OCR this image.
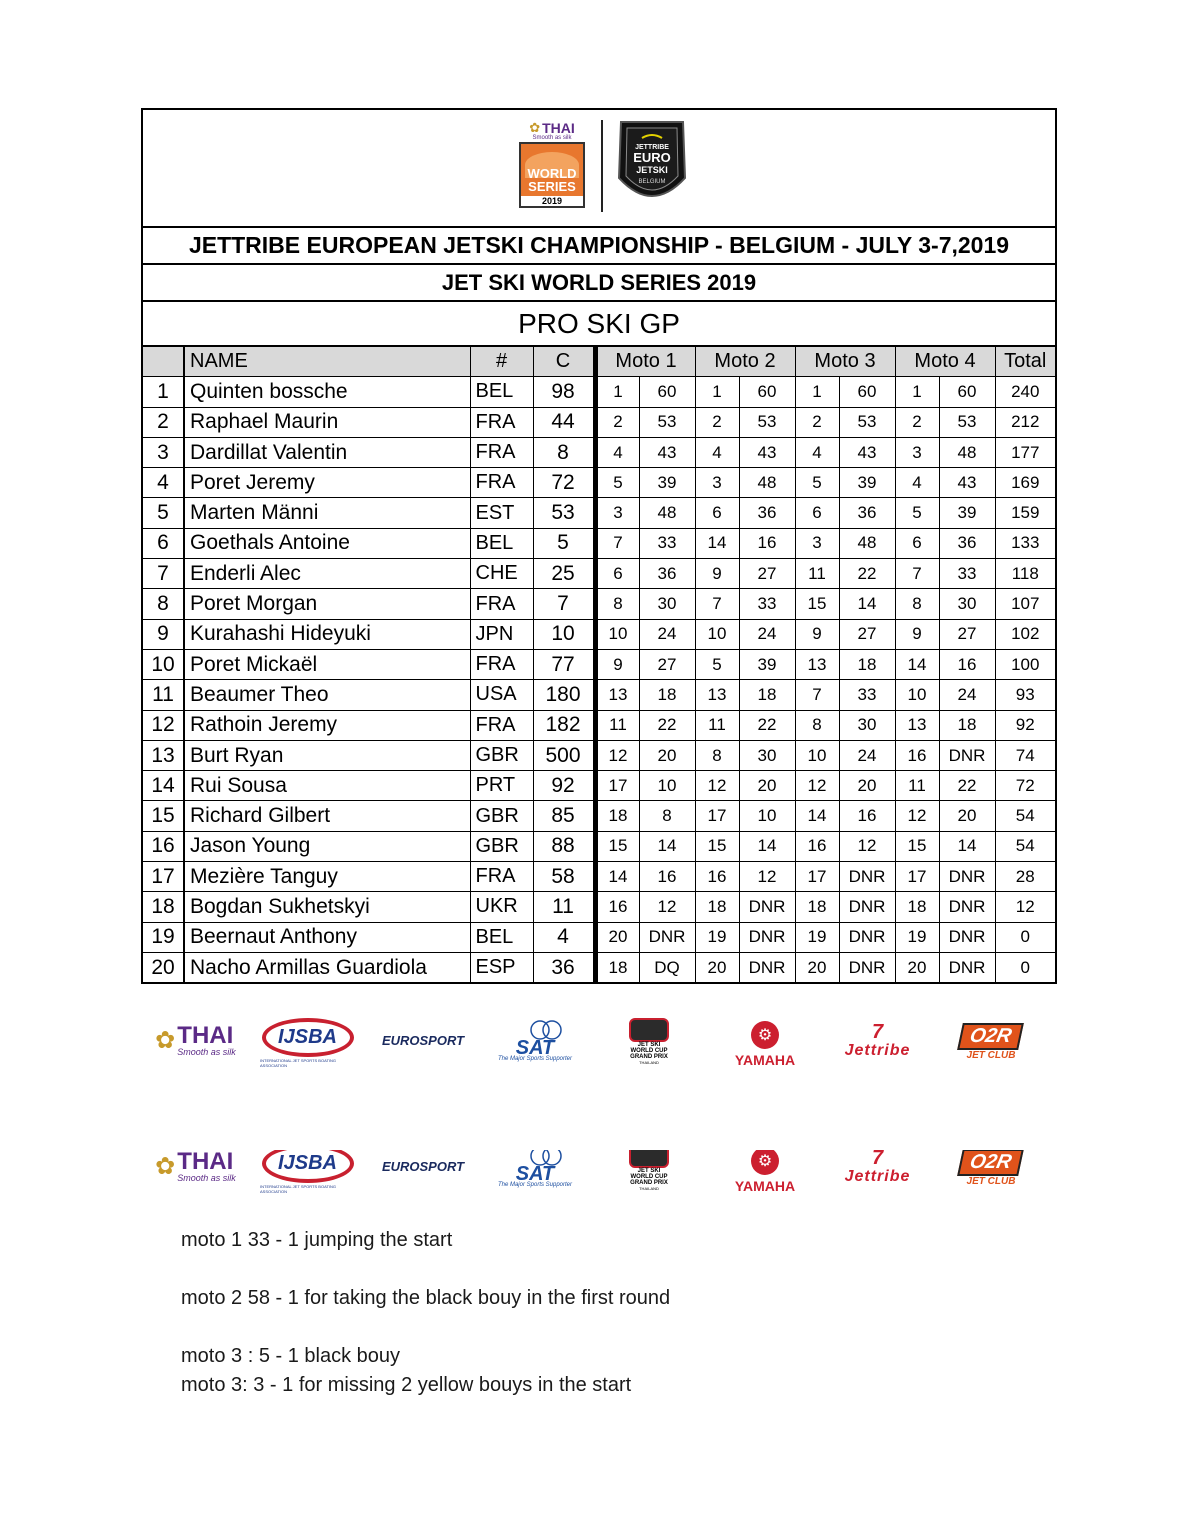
✿ THAI
Smooth as silk
WORLD
SERIES
2019
JETTRIBE
EURO
JETSKI
BELGIUM
JETTRIBE EUROPEAN JETSKI CHAMPIONSHIP - BELGIUM - JULY 3-7,2019
JET SKI WORLD SERIES 2019
PRO SKI GP
	NAME	#	C	Moto 1		Moto 2		Moto 3		Moto 4		Total
1	Quinten bossche	BEL	98	1	60	1	60	1	60	1	60	240
2	Raphael Maurin	FRA	44	2	53	2	53	2	53	2	53	212
3	Dardillat Valentin	FRA	8	4	43	4	43	4	43	3	48	177
4	Poret Jeremy	FRA	72	5	39	3	48	5	39	4	43	169
5	Marten Männi	EST	53	3	48	6	36	6	36	5	39	159
6	Goethals Antoine	BEL	5	7	33	14	16	3	48	6	36	133
7	Enderli Alec	CHE	25	6	36	9	27	11	22	7	33	118
8	Poret Morgan	FRA	7	8	30	7	33	15	14	8	30	107
9	Kurahashi Hideyuki	JPN	10	10	24	10	24	9	27	9	27	102
10	Poret Mickaël	FRA	77	9	27	5	39	13	18	14	16	100
11	Beaumer Theo	USA	180	13	18	13	18	7	33	10	24	93
12	Rathoin Jeremy	FRA	182	11	22	11	22	8	30	13	18	92
13	Burt Ryan	GBR	500	12	20	8	30	10	24	16	DNR	74
14	Rui Sousa	PRT	92	17	10	12	20	12	20	11	22	72
15	Richard Gilbert	GBR	85	18	8	17	10	14	16	12	20	54
16	Jason Young	GBR	88	15	14	15	14	16	12	15	14	54
17	Mezière Tanguy	FRA	58	14	16	16	12	17	DNR	17	DNR	28
18	Bogdan Sukhetskyi	UKR	11	16	12	18	DNR	18	DNR	18	DNR	12
19	Beernaut Anthony	BEL	4	20	DNR	19	DNR	19	DNR	19	DNR	0
20	Nacho Armillas Guardiola	ESP	36	18	DQ	20	DNR	20	DNR	20	DNR	0
✿ THAI
Smooth as silk
IJSBA
INTERNATIONAL JET SPORTS BOATING ASSOCIATION
EUROSPORT	SAT
The Major Sports Supporter
JET SKI
WORLD CUP
GRAND PRIX
THAILAND
⚙
YAMAHA
7
Jettribe
O2R
JET CLUB
✿ THAI
Smooth as silk
IJSBA
INTERNATIONAL JET SPORTS BOATING ASSOCIATION
EUROSPORT	SAT
The Major Sports Supporter
JET SKI
WORLD CUP
GRAND PRIX
THAILAND
⚙
YAMAHA
7
Jettribe
O2R
JET CLUB
moto 1 33 - 1 jumping the start
moto 2 58 - 1 for taking the black bouy in the first round
moto 3 : 5 - 1 black bouy
moto 3: 3 - 1 for missing 2 yellow bouys in the start
